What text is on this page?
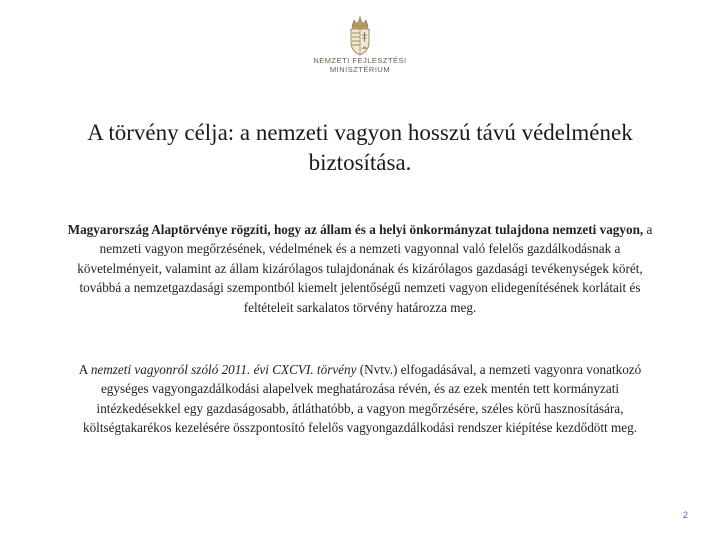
NEMZETI FEJLESZTÉSI
MINISZTÉRIUM
A törvény célja: a nemzeti vagyon hosszú távú védelmének biztosítása.
Magyarország Alaptörvénye rögzíti, hogy az állam és a helyi önkormányzat tulajdona nemzeti vagyon, a nemzeti vagyon megőrzésének, védelmének és a nemzeti vagyonnal való felelős gazdálkodásnak a követelményeit, valamint az állam kizárólagos tulajdonának és kizárólagos gazdasági tevékenységek körét, továbbá a nemzetgazdasági szempontból kiemelt jelentőségű nemzeti vagyon elidegenítésének korlátait és feltételeit sarkalatos törvény határozza meg.
A nemzeti vagyonról szóló 2011. évi CXCVI. törvény (Nvtv.) elfogadásával, a nemzeti vagyonra vonatkozó egységes vagyongazdálkodási alapelvek meghatározása révén, és az ezek mentén tett kormányzati intézkedésekkel egy gazdaságosabb, átláthatóbb, a vagyon megőrzésére, széles körű hasznosítására, költségtakarékos kezelésére összpontosító felelős vagyongazdálkodási rendszer kiépítése kezdődött meg.
2
